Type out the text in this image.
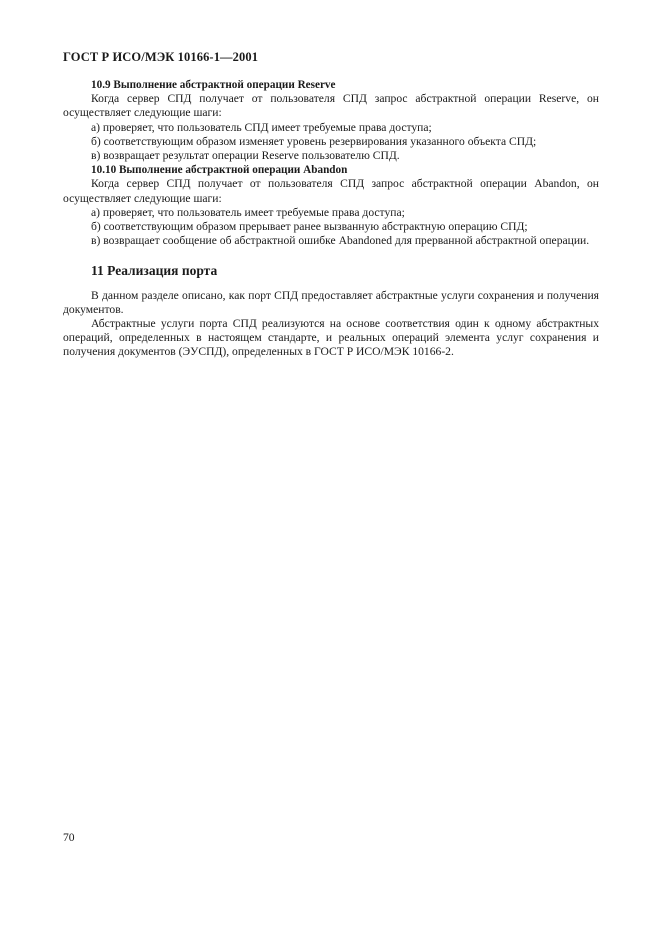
ГОСТ Р ИСО/МЭК 10166-1—2001

10.9 Выполнение абстрактной операции Reserve

Когда сервер СПД получает от пользователя СПД запрос абстрактной операции Reserve, он осуществляет следующие шаги:

а) проверяет, что пользователь СПД имеет требуемые права доступа;

б) соответствующим образом изменяет уровень резервирования указанного объекта СПД;

в) возвращает результат операции Reserve пользователю СПД.

10.10 Выполнение абстрактной операции Abandon

Когда сервер СПД получает от пользователя СПД запрос абстрактной операции Abandon, он осуществляет следующие шаги:

а) проверяет, что пользователь имеет требуемые права доступа;

б) соответствующим образом прерывает ранее вызванную абстрактную операцию СПД;

в) возвращает сообщение об абстрактной ошибке Abandoned для прерванной абстрактной операции.

11 Реализация порта

В данном разделе описано, как порт СПД предоставляет абстрактные услуги сохранения и получения документов.

Абстрактные услуги порта СПД реализуются на основе соответствия один к одному абстрактных операций, определенных в настоящем стандарте, и реальных операций элемента услуг сохранения и получения документов (ЭУСПД), определенных в ГОСТ Р ИСО/МЭК 10166-2.

70
